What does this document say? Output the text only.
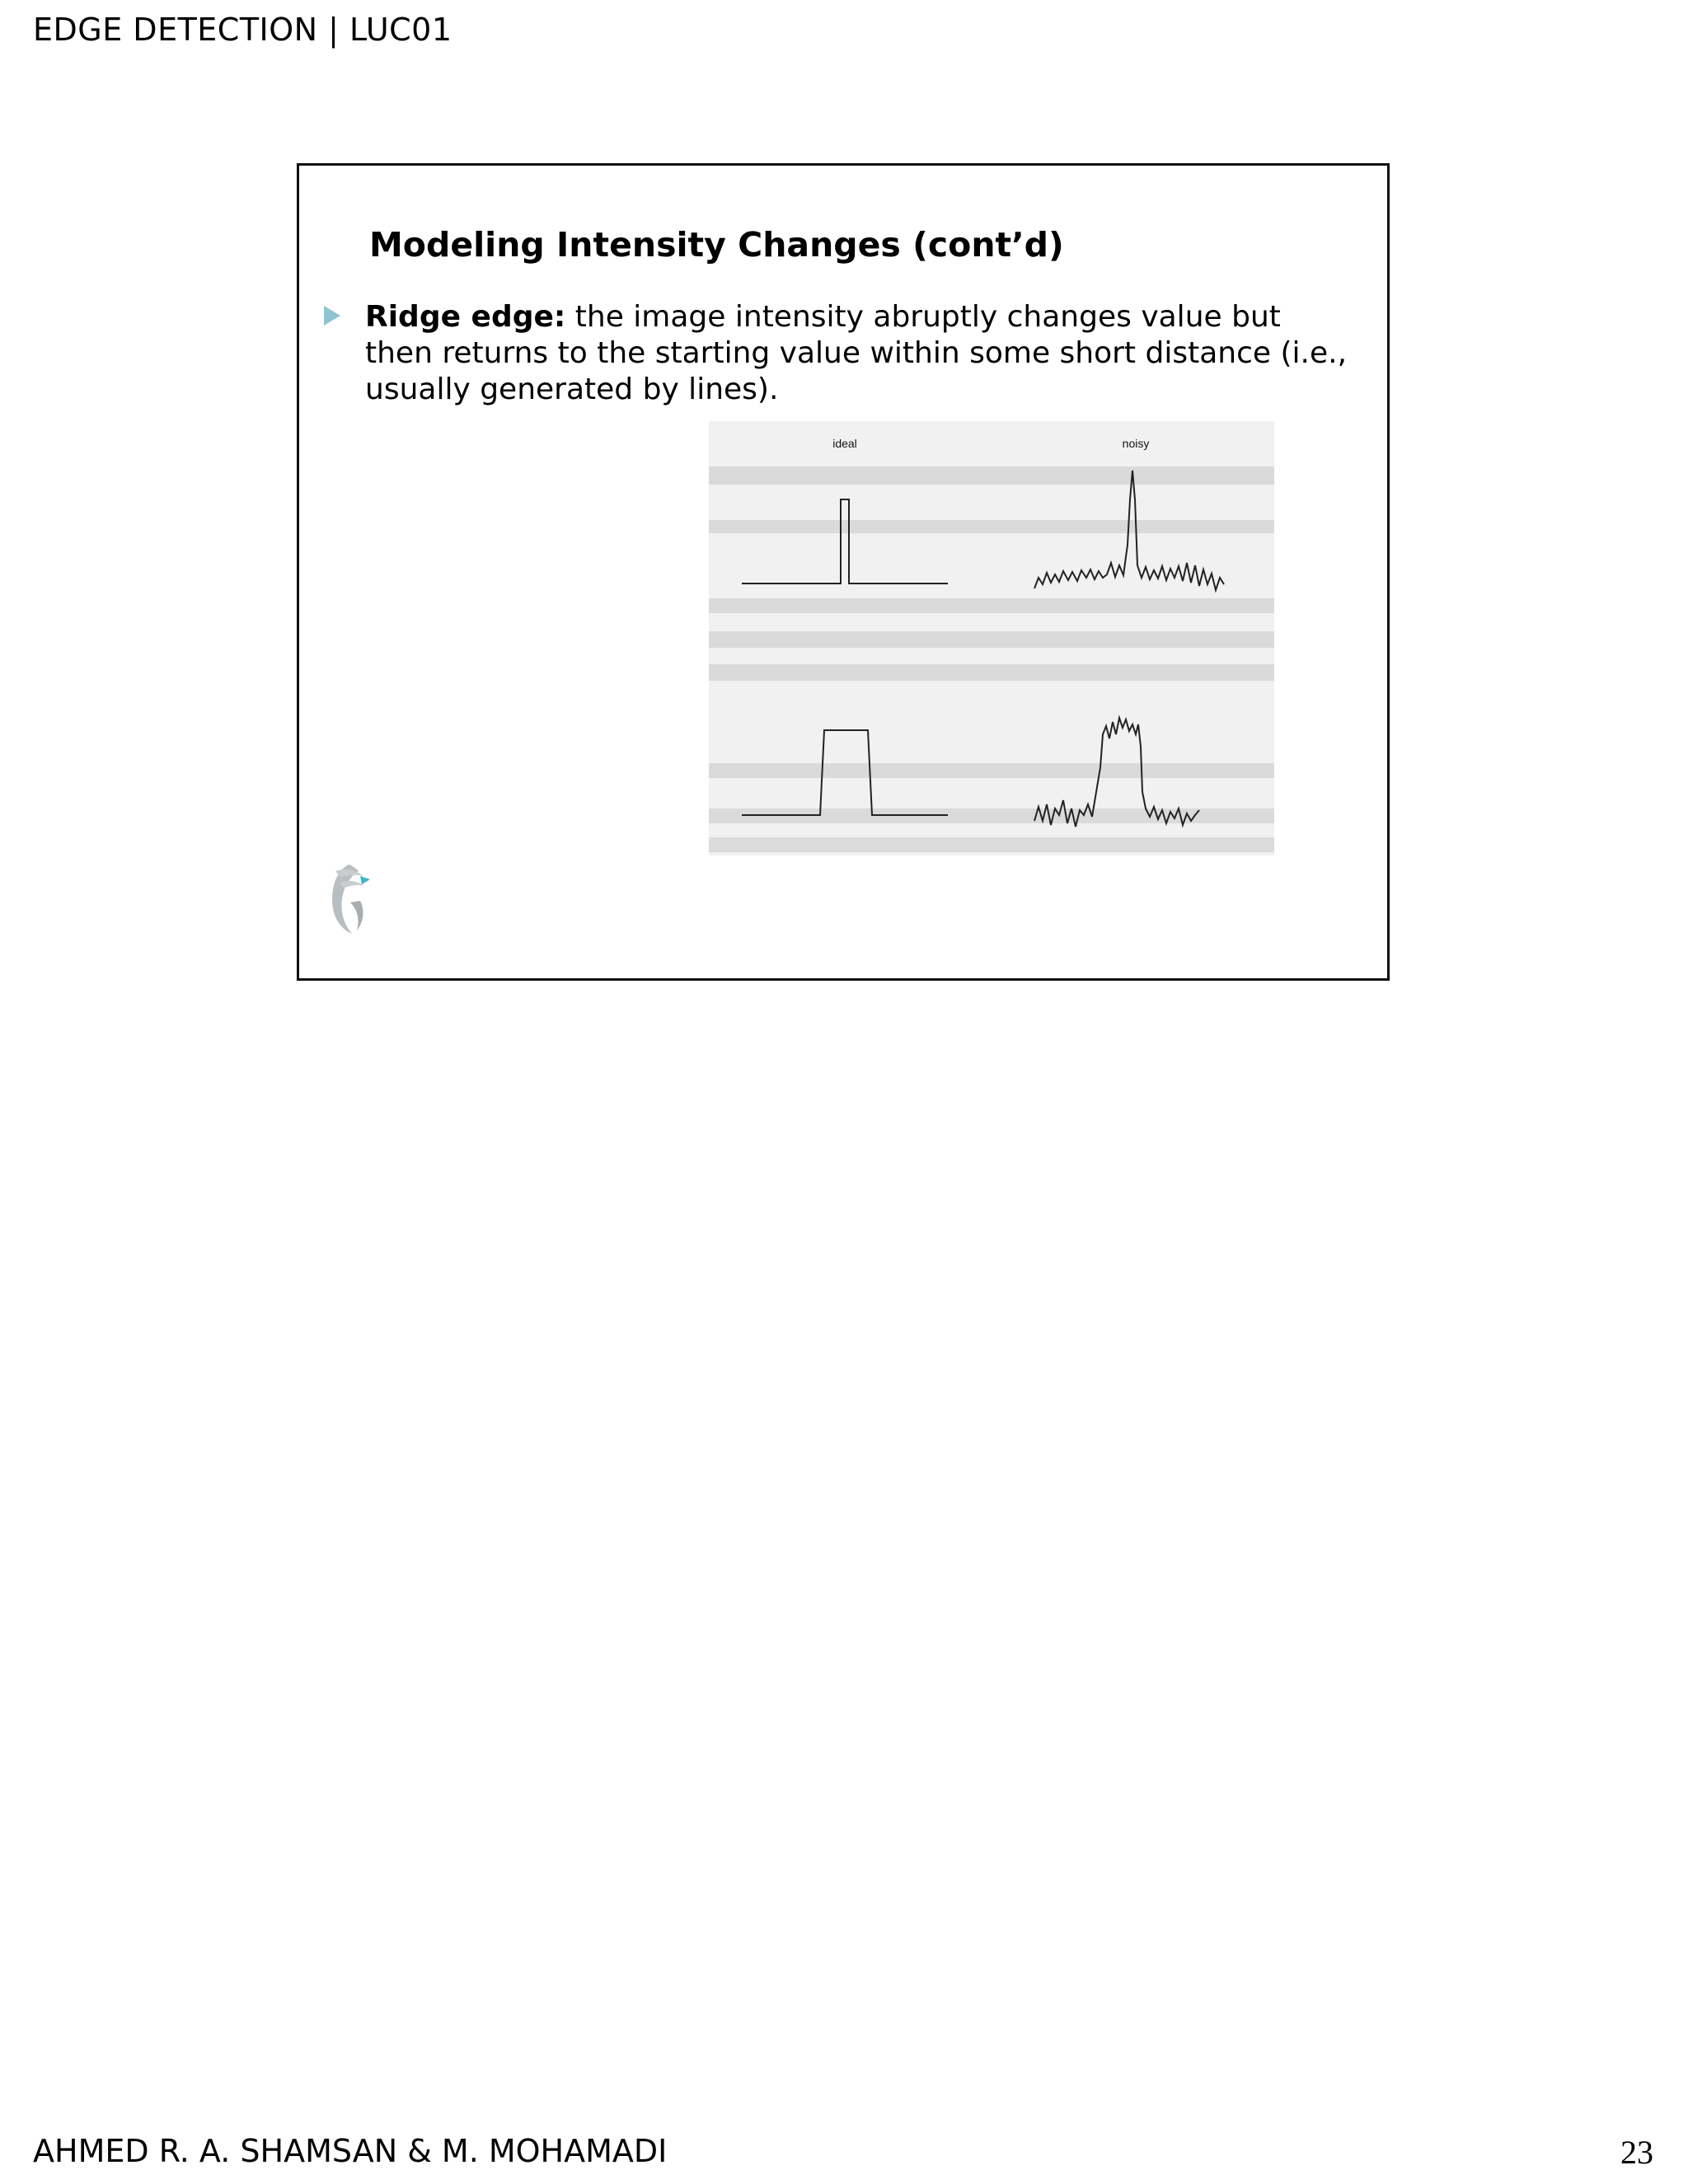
EDGE DETECTION | LUC01
Modeling Intensity Changes (cont’d)
Ridge edge: the image intensity abruptly changes value but then returns to the starting value within some short distance (i.e., usually generated by lines).
ideal	noisy
AHMED R. A. SHAMSAN & M. MOHAMADI	23
